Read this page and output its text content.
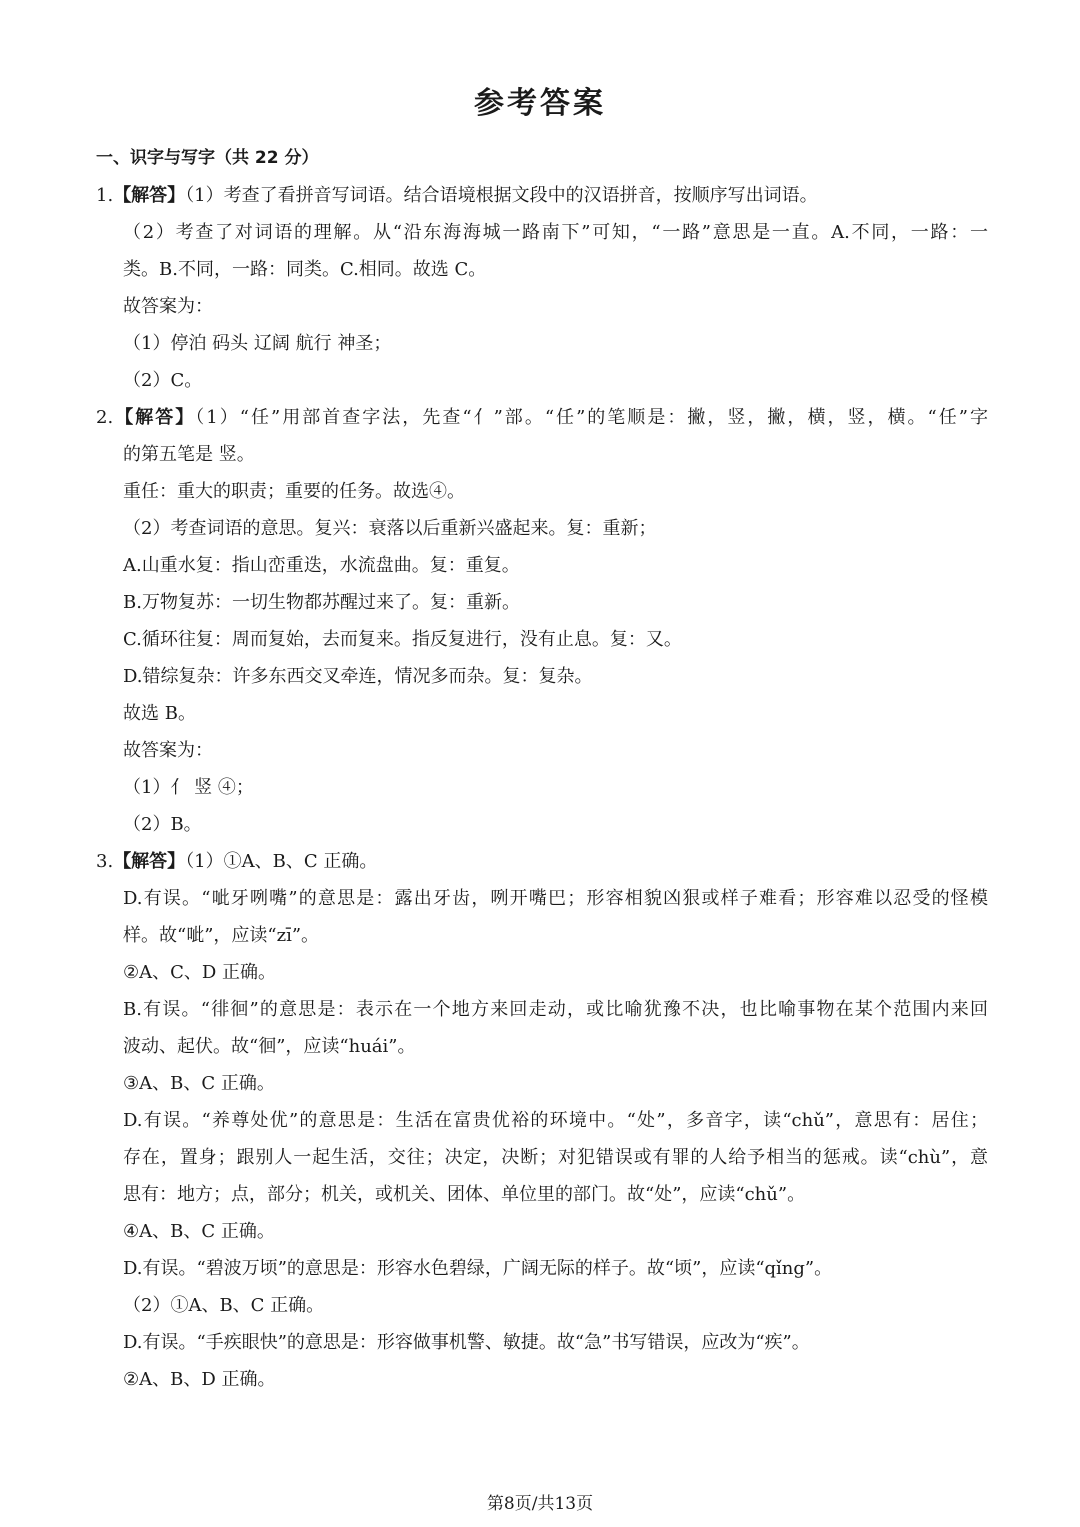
参考答案
一、识字与写字（共 22 分）
1.【解答】（1）考查了看拼音写词语。结合语境根据文段中的汉语拼音，按顺序写出词语。
（2）考查了对词语的理解。从“沿东海海城一路南下”可知，“一路”意思是一直。A.不同，一路：一
类。B.不同，一路：同类。C.相同。故选 C。
故答案为：
（1）停泊 码头 辽阔 航行 神圣；
（2）C。
2.【解答】（1）“任”用部首查字法，先查“亻”部。“任”的笔顺是：撇，竖，撇，横，竖，横。“任”字
的第五笔是 竖。
重任：重大的职责；重要的任务。故选④。
（2）考查词语的意思。复兴：衰落以后重新兴盛起来。复：重新；
A.山重水复：指山峦重迭，水流盘曲。复：重复。
B.万物复苏：一切生物都苏醒过来了。复：重新。
C.循环往复：周而复始，去而复来。指反复进行，没有止息。复：又。
D.错综复杂：许多东西交叉牵连，情况多而杂。复：复杂。
故选 B。
故答案为：
（1）亻 竖 ④；
（2）B。
3.【解答】（1）①A、B、C 正确。
D.有误。“呲牙咧嘴”的意思是：露出牙齿，咧开嘴巴；形容相貌凶狠或样子难看；形容难以忍受的怪模
样。故“呲”，应读“zī”。
②A、C、D 正确。
B.有误。“徘徊”的意思是：表示在一个地方来回走动，或比喻犹豫不决，也比喻事物在某个范围内来回
波动、起伏。故“徊”，应读“huái”。
③A、B、C 正确。
D.有误。“养尊处优”的意思是：生活在富贵优裕的环境中。“处”，多音字，读“chǔ”，意思有：居住；
存在，置身；跟别人一起生活，交往；决定，决断；对犯错误或有罪的人给予相当的惩戒。读“chù”，意
思有：地方；点，部分；机关，或机关、团体、单位里的部门。故“处”，应读“chǔ”。
④A、B、C 正确。
D.有误。“碧波万顷”的意思是：形容水色碧绿，广阔无际的样子。故“顷”，应读“qǐng”。
（2）①A、B、C 正确。
D.有误。“手疾眼快”的意思是：形容做事机警、敏捷。故“急”书写错误，应改为“疾”。
②A、B、D 正确。
第8页/共13页
